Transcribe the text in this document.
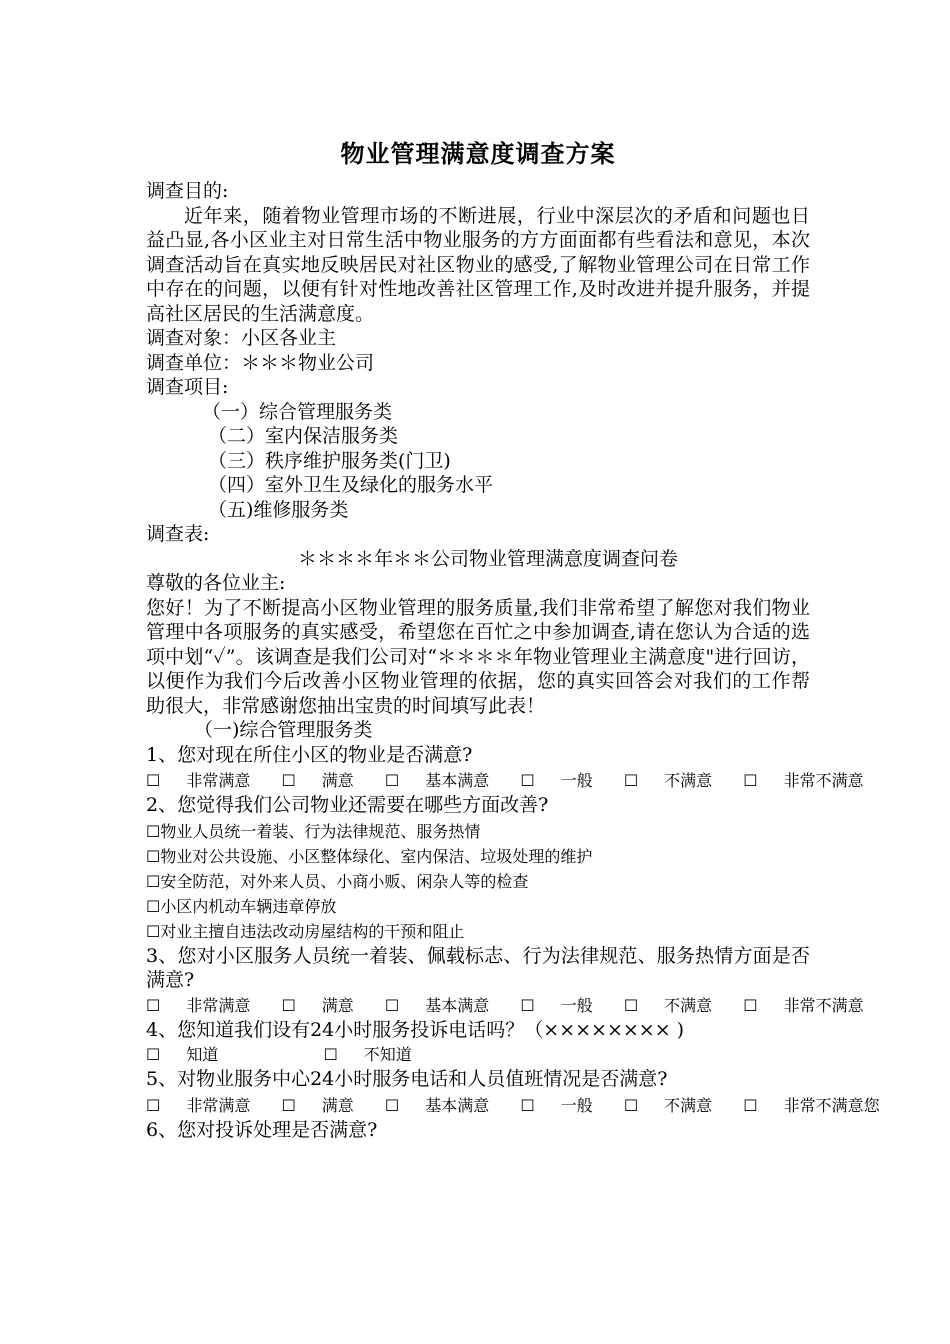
物业管理满意度调查方案
调查目的:
近年来，随着物业管理市场的不断进展，行业中深层次的矛盾和问题也日益凸显,各小区业主对日常生活中物业服务的方方面面都有些看法和意见，本次调查活动旨在真实地反映居民对社区物业的感受,了解物业管理公司在日常工作中存在的问题，以便有针对性地改善社区管理工作,及时改进并提升服务，并提高社区居民的生活满意度。
调查对象：小区各业主
调查单位：＊＊＊物业公司
调查项目:
（一）综合管理服务类
（二）室内保洁服务类
（三）秩序维护服务类(门卫)
（四）室外卫生及绿化的服务水平
（五)维修服务类
调查表:
＊＊＊＊年＊＊公司物业管理满意度调查问卷
尊敬的各位业主:
您好！为了不断提高小区物业管理的服务质量,我们非常希望了解您对我们物业管理中各项服务的真实感受，希望您在百忙之中参加调查,请在您认为合适的选项中划“✓”。该调查是我们公司对“＊＊＊＊年物业管理业主满意度"进行回访，以便作为我们今后改善小区物业管理的依据，您的真实回答会对我们的工作帮助很大，非常感谢您抽出宝贵的时间填写此表！
（一)综合管理服务类
1、您对现在所住小区的物业是否满意?
☐ 非常满意 ☐ 满意 ☐ 基本满意 ☐ 一般 ☐ 不满意 ☐ 非常不满意
2、您觉得我们公司物业还需要在哪些方面改善?
☐物业人员统一着装、行为法律规范、服务热情
☐物业对公共设施、小区整体绿化、室内保洁、垃圾处理的维护
☐安全防范，对外来人员、小商小贩、闲杂人等的检查
☐小区内机动车辆违章停放
☐对业主擅自违法改动房屋结构的干预和阻止
3、您对小区服务人员统一着装、佩载标志、行为法律规范、服务热情方面是否满意?
☐ 非常满意 ☐ 满意 ☐ 基本满意 ☐ 一般 ☐ 不满意 ☐ 非常不满意
4、您知道我们设有24小时服务投诉电话吗？（×××××××× )
☐ 知道	☐ 不知道
5、对物业服务中心24小时服务电话和人员值班情况是否满意?
☐ 非常满意 ☐ 满意 ☐ 基本满意 ☐ 一般 ☐ 不满意 ☐ 非常不满意您
6、您对投诉处理是否满意?
